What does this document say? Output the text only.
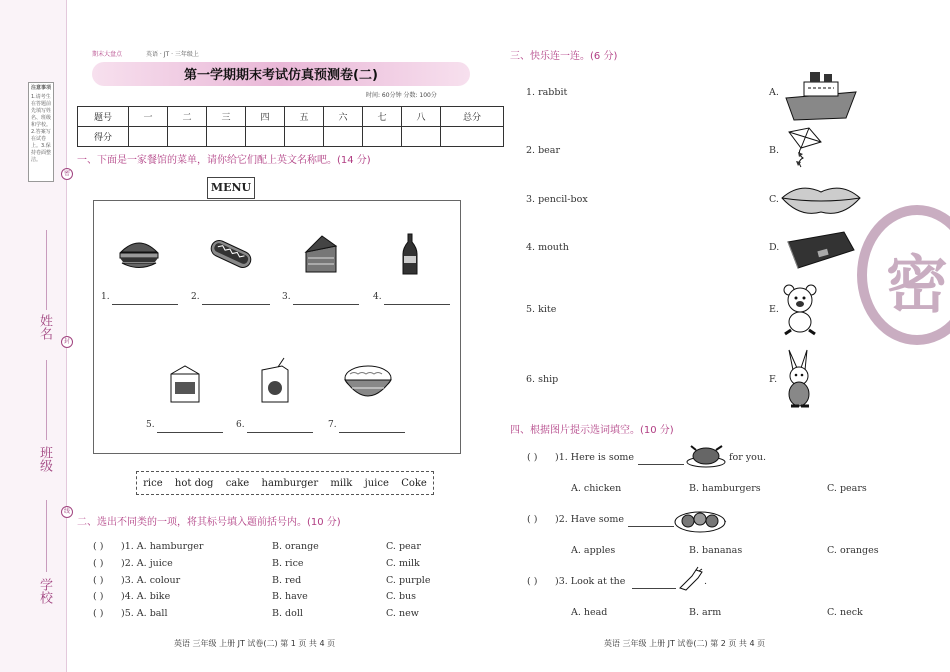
注意事项
1.请考生在答题前先填写姓名、班级和学校。2.答案写在试卷上。3.保持卷面整洁。
密
封
线
姓名
班级
学校
期末大盘点	英语 · JT · 三年级上
第一学期期末考试仿真预测卷(二)
时间: 60分钟 分数: 100分
题号	一	二	三	四	五	六	七	八	总分
得分									
一、下面是一家餐馆的菜单，请你给它们配上英文名称吧。(14 分)
MENU
1.	2.	3.	4.
5.	6.	7.
rice hot dog cake hamburger milk juice Coke
二、选出不同类的一项，将其标号填入题前括号内。(10 分)
( ) )1. A. hamburger	B. orange	C. pear
( ) )2. A. juice	B. rice	C. milk
( ) )3. A. colour	B. red	C. purple
( ) )4. A. bike	B. have	C. bus
( ) )5. A. ball	B. doll	C. new
英语 三年级 上册 JT 试卷(二) 第 1 页 共 4 页
三、快乐连一连。(6 分)
1. rabbit
2. bear
3. pencil-box
4. mouth
5. kite
6. ship
A.
B.
C.
D.
E.
F.
密
四、根据图片提示选词填空。(10 分)
( ) )1. Here is some	for you.
A. chicken	B. hamburgers	C. pears
( ) )2. Have some	.
A. apples	B. bananas	C. oranges
( ) )3. Look at the	.
A. head	B. arm	C. neck
英语 三年级 上册 JT 试卷(二) 第 2 页 共 4 页
